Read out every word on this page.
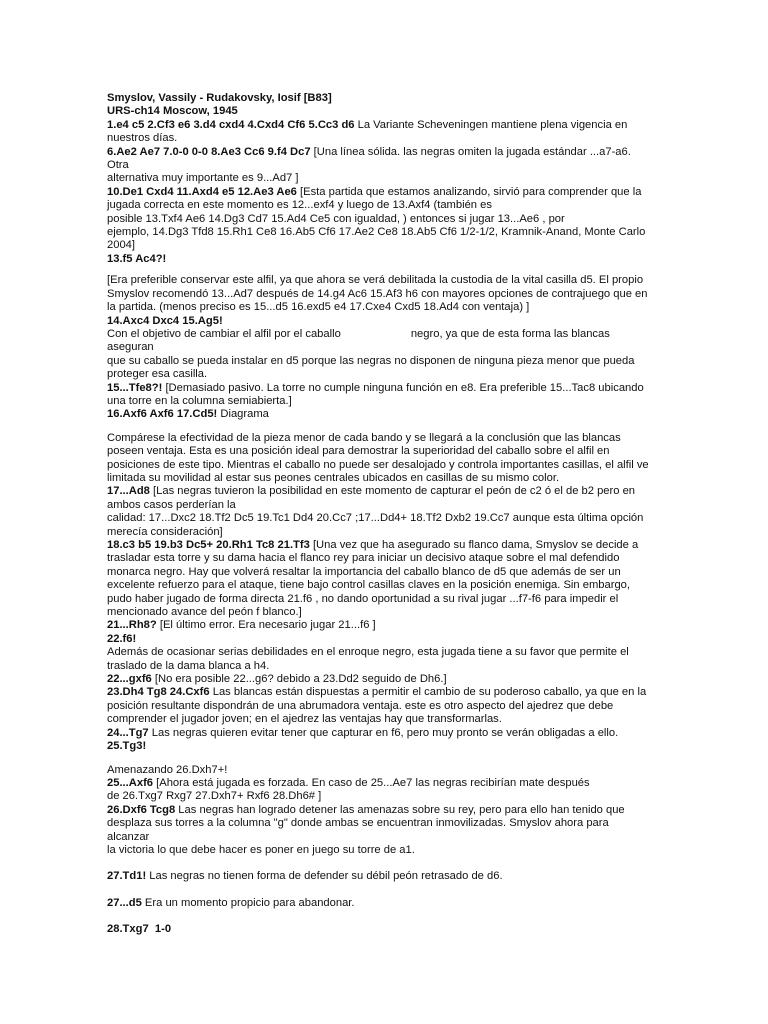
Smyslov, Vassily - Rudakovsky, Iosif [B83]

URS-ch14 Moscow, 1945

1.e4 c5 2.Cf3 e6 3.d4 cxd4 4.Cxd4 Cf6 5.Cc3 d6 La Variante Scheveningen mantiene plena vigencia en

nuestros días.

6.Ae2 Ae7 7.0-0 0-0 8.Ae3 Cc6 9.f4 Dc7 [Una línea sólida. las negras omiten la jugada estándar ...a7-a6. Otra

alternativa muy importante es 9...Ad7 ]

10.De1 Cxd4 11.Axd4 e5 12.Ae3 Ae6 [Esta partida que estamos analizando, sirvió para comprender que la

jugada correcta en este momento es 12...exf4 y luego de 13.Axf4 (también es

posible 13.Txf4 Ae6 14.Dg3 Cd7 15.Ad4 Ce5 con igualdad, ) entonces si jugar 13...Ae6 , por

ejemplo, 14.Dg3 Tfd8 15.Rh1 Ce8 16.Ab5 Cf6 17.Ae2 Ce8 18.Ab5 Cf6 1/2-1/2, Kramnik-Anand, Monte Carlo

2004]

13.f5 Ac4?!

[Era preferible conservar este alfil, ya que ahora se verá debilitada la custodia de la vital casilla d5. El propio

Smyslov recomendó 13...Ad7 después de 14.g4 Ac6 15.Af3 h6 con mayores opciones de contrajuego que en

la partida. (menos preciso es 15...d5 16.exd5 e4 17.Cxe4 Cxd5 18.Ad4 con ventaja) ]

14.Axc4 Dxc4 15.Ag5!

Con el objetivo de cambiar el alfil por el caballo	negro, ya que de esta forma las blancas aseguran

que su caballo se pueda instalar en d5 porque las negras no disponen de ninguna pieza menor que pueda

proteger esa casilla.

15...Tfe8?! [Demasiado pasivo. La torre no cumple ninguna función en e8. Era preferible 15...Tac8 ubicando

una torre en la columna semiabierta.]

16.Axf6 Axf6 17.Cd5! Diagrama

Compárese la efectividad de la pieza menor de cada bando y se llegará a la conclusión que las blancas

poseen ventaja. Esta es una posición ideal para demostrar la superioridad del caballo sobre el alfil en

posiciones de este tipo. Mientras el caballo no puede ser desalojado y controla importantes casillas, el alfil ve

limitada su movilidad al estar sus peones centrales ubicados en casillas de su mismo color.

17...Ad8 [Las negras tuvieron la posibilidad en este momento de capturar el peón de c2 ó el de b2 pero en

ambos casos perderían la

calidad: 17...Dxc2 18.Tf2 Dc5 19.Tc1 Dd4 20.Cc7 ;17...Dd4+ 18.Tf2 Dxb2 19.Cc7 aunque esta última opción

merecía consideración]

18.c3 b5 19.b3 Dc5+ 20.Rh1 Tc8 21.Tf3 [Una vez que ha asegurado su flanco dama, Smyslov se decide a

trasladar esta torre y su dama hacia el flanco rey para iniciar un decisivo ataque sobre el mal defendido

monarca negro. Hay que volverá resaltar la importancia del caballo blanco de d5 que además de ser un

excelente refuerzo para el ataque, tiene bajo control casillas claves en la posición enemiga. Sin embargo,

pudo haber jugado de forma directa 21.f6 , no dando oportunidad a su rival jugar ...f7-f6 para impedir el

mencionado avance del peón f blanco.]

21...Rh8? [El último error. Era necesario jugar 21...f6 ]

22.f6!

Además de ocasionar serias debilidades en el enroque negro, esta jugada tiene a su favor que permite el

traslado de la dama blanca a h4.

22...gxf6 [No era posible 22...g6? debido a 23.Dd2 seguido de Dh6.]

23.Dh4 Tg8 24.Cxf6 Las blancas están dispuestas a permitir el cambio de su poderoso caballo, ya que en la

posición resultante dispondrán de una abrumadora ventaja. este es otro aspecto del ajedrez que debe

comprender el jugador joven; en el ajedrez las ventajas hay que transformarlas.

24...Tg7 Las negras quieren evitar tener que capturar en f6, pero muy pronto se verán obligadas a ello.

25.Tg3!

Amenazando 26.Dxh7+!

25...Axf6 [Ahora está jugada es forzada. En caso de 25...Ae7 las negras recibirían mate después

de 26.Txg7 Rxg7 27.Dxh7+ Rxf6 28.Dh6# ]

26.Dxf6 Tcg8 Las negras han logrado detener las amenazas sobre su rey, pero para ello han tenido que

desplaza sus torres a la columna "g" donde ambas se encuentran inmovilizadas. Smyslov ahora para alcanzar

la victoria lo que debe hacer es poner en juego su torre de a1.

27.Td1! Las negras no tienen forma de defender su débil peón retrasado de d6.

27...d5 Era un momento propicio para abandonar.

28.Txg7 1-0
